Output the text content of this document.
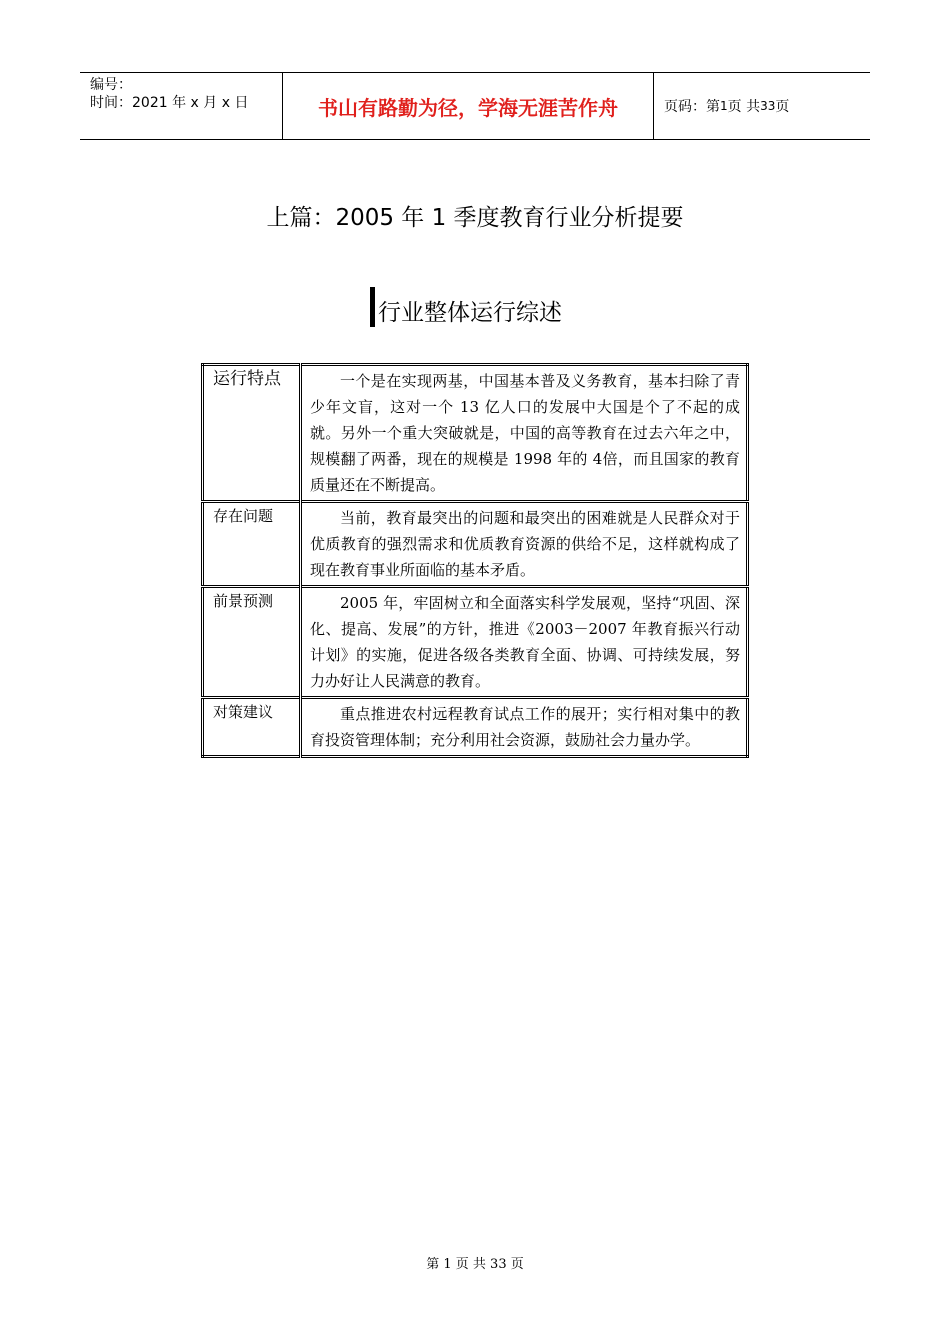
编号：
时间：2021 年 x 月 x 日	书山有路勤为径，学海无涯苦作舟	页码：第 1 页 共 33 页
上篇：2005 年 1 季度教育行业分析提要
行业整体运行综述
运行特点	一个是在实现两基，中国基本普及义务教育，基本扫除了青少年文盲，这对一个 13 亿人口的发展中大国是个了不起的成就。另外一个重大突破就是，中国的高等教育在过去六年之中，规模翻了两番，现在的规模是 1998 年的 4倍，而且国家的教育质量还在不断提高。
存在问题	当前，教育最突出的问题和最突出的困难就是人民群众对于优质教育的强烈需求和优质教育资源的供给不足，这样就构成了现在教育事业所面临的基本矛盾。
前景预测	2005 年，牢固树立和全面落实科学发展观，坚持“巩固、深化、提高、发展”的方针，推进《2003－2007 年教育振兴行动计划》的实施，促进各级各类教育全面、协调、可持续发展，努力办好让人民满意的教育。
对策建议	重点推进农村远程教育试点工作的展开；实行相对集中的教育投资管理体制；充分利用社会资源，鼓励社会力量办学。
第 1 页 共 33 页
